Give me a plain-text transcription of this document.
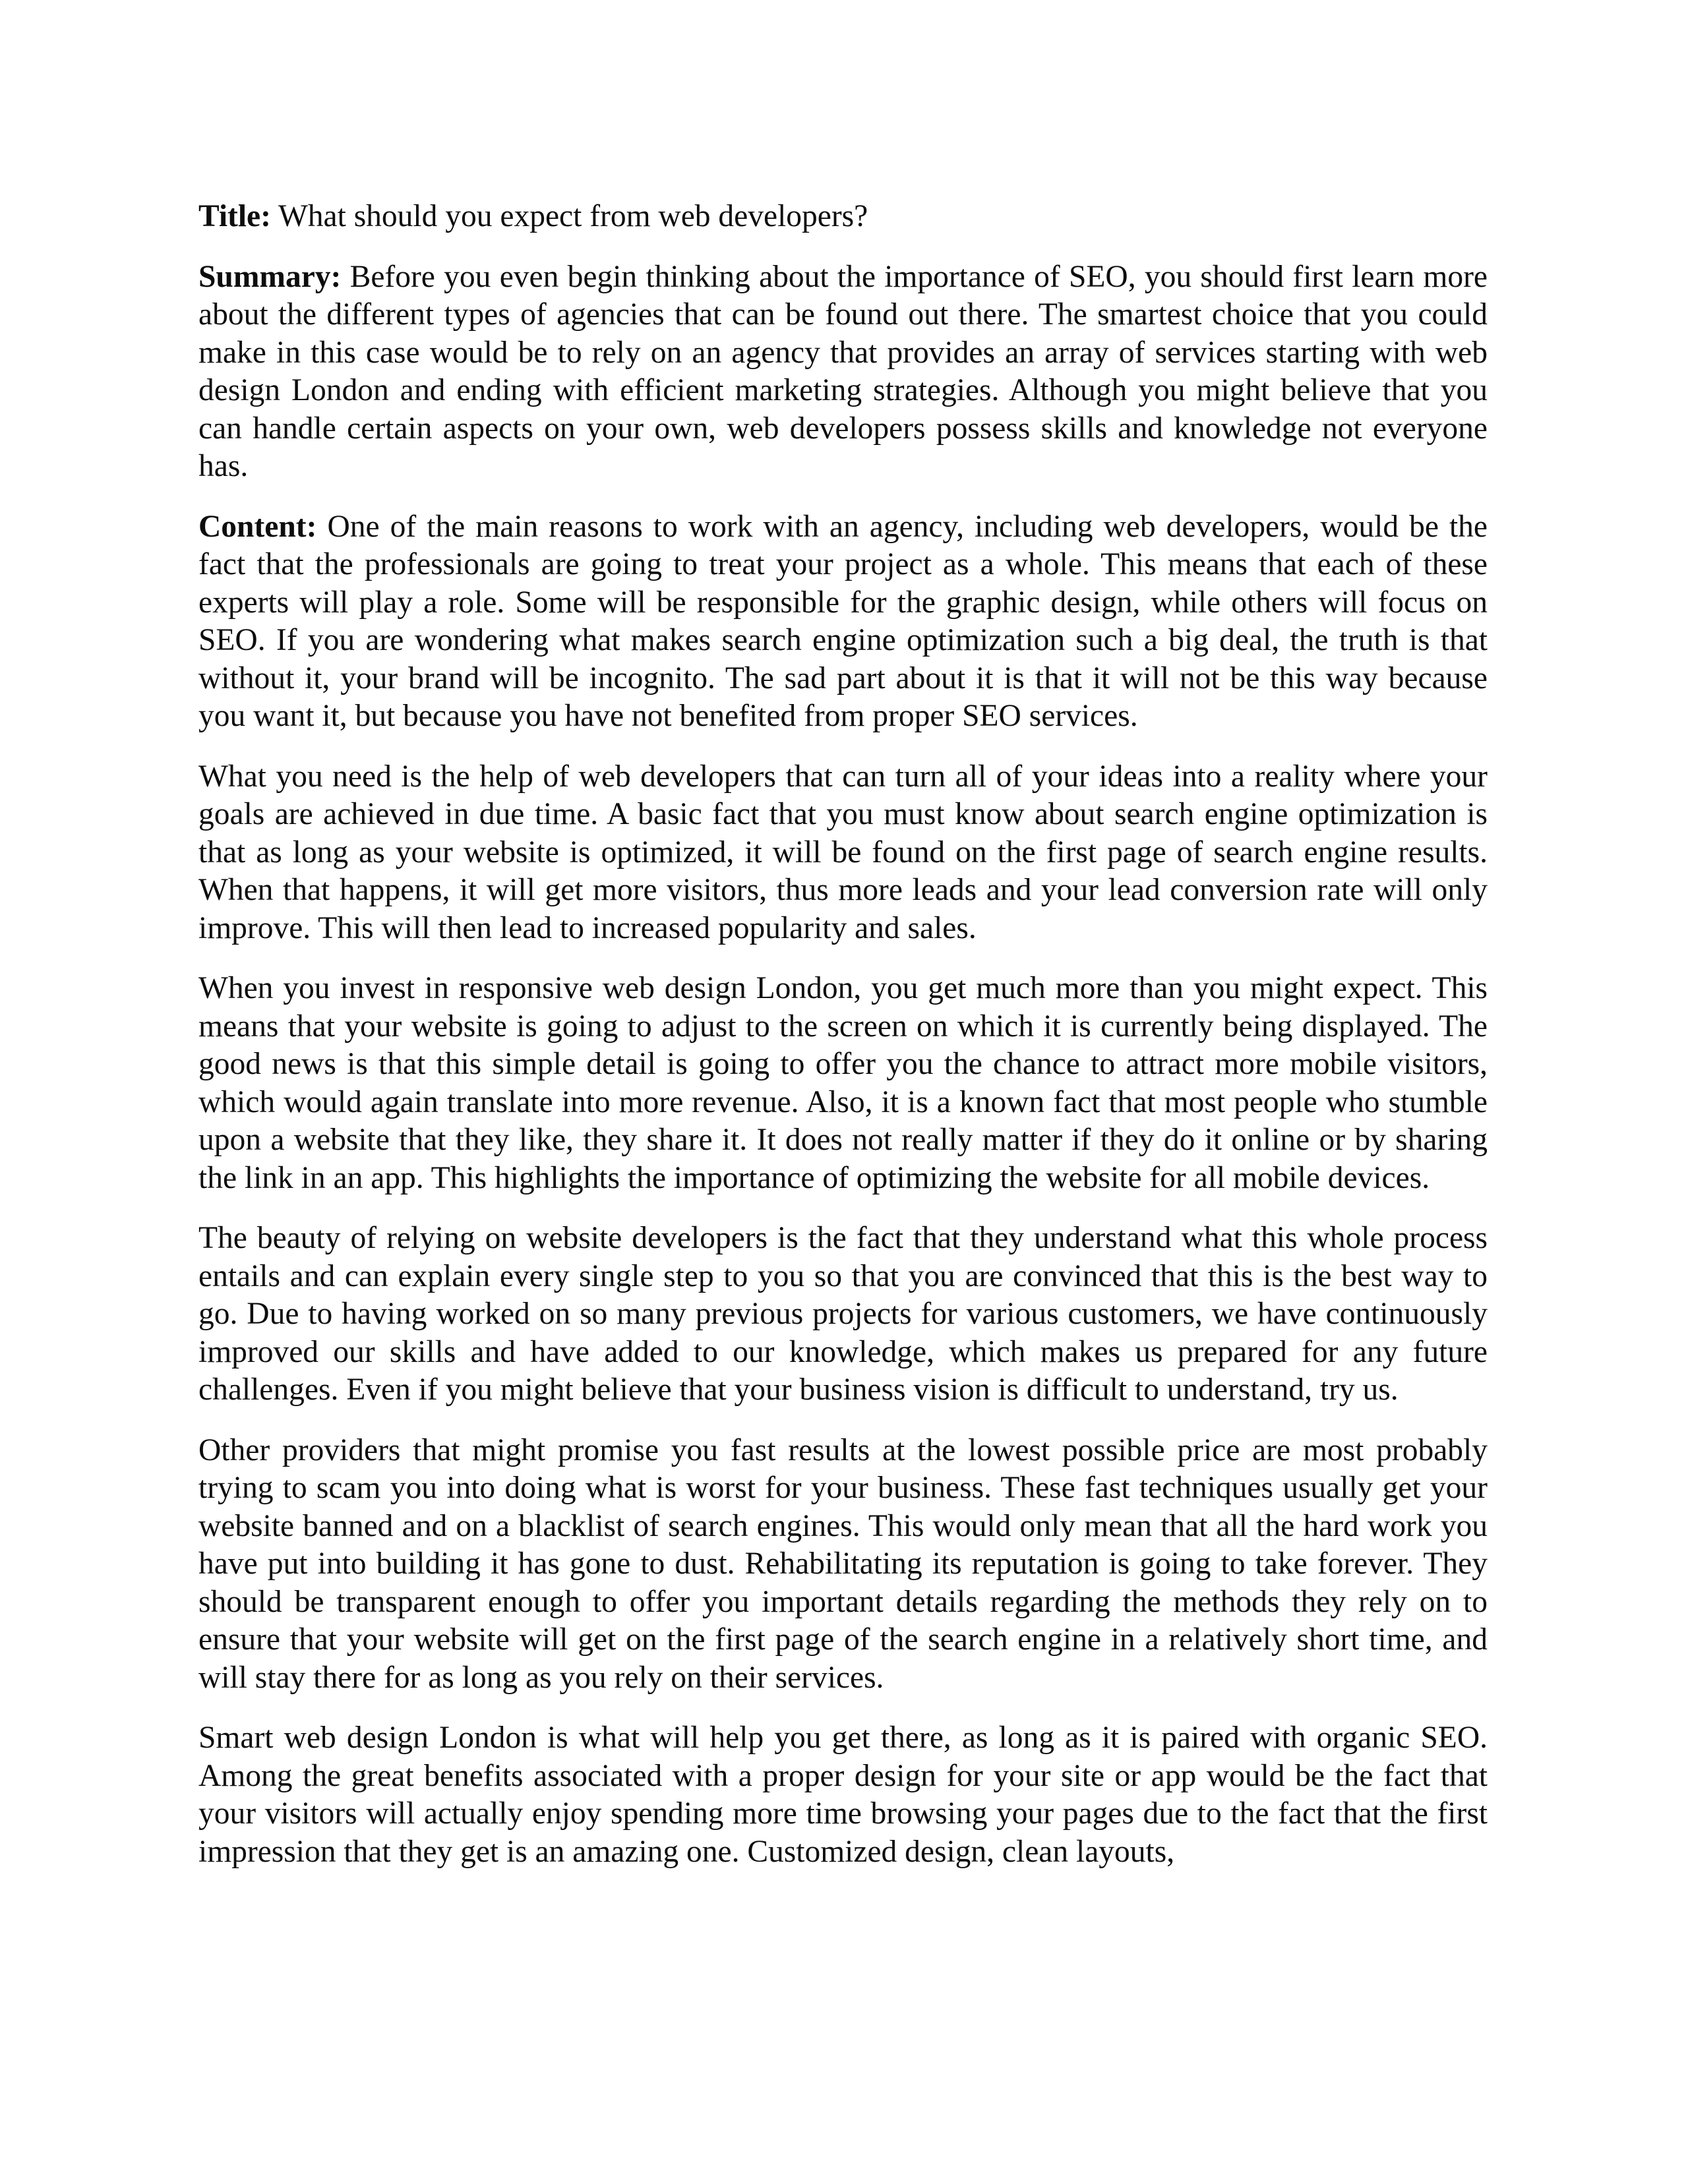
Title: What should you expect from web developers?

Summary: Before you even begin thinking about the importance of SEO, you should first learn more about the different types of agencies that can be found out there. The smartest choice that you could make in this case would be to rely on an agency that provides an array of services starting with web design London and ending with efficient marketing strategies. Although you might believe that you can handle certain aspects on your own, web developers possess skills and knowledge not everyone has.

Content: One of the main reasons to work with an agency, including web developers, would be the fact that the professionals are going to treat your project as a whole. This means that each of these experts will play a role. Some will be responsible for the graphic design, while others will focus on SEO. If you are wondering what makes search engine optimization such a big deal, the truth is that without it, your brand will be incognito. The sad part about it is that it will not be this way because you want it, but because you have not benefited from proper SEO services.

What you need is the help of web developers that can turn all of your ideas into a reality where your goals are achieved in due time. A basic fact that you must know about search engine optimization is that as long as your website is optimized, it will be found on the first page of search engine results. When that happens, it will get more visitors, thus more leads and your lead conversion rate will only improve. This will then lead to increased popularity and sales.

When you invest in responsive web design London, you get much more than you might expect. This means that your website is going to adjust to the screen on which it is currently being displayed. The good news is that this simple detail is going to offer you the chance to attract more mobile visitors, which would again translate into more revenue. Also, it is a known fact that most people who stumble upon a website that they like, they share it. It does not really matter if they do it online or by sharing the link in an app. This highlights the importance of optimizing the website for all mobile devices.

The beauty of relying on website developers is the fact that they understand what this whole process entails and can explain every single step to you so that you are convinced that this is the best way to go. Due to having worked on so many previous projects for various customers, we have continuously improved our skills and have added to our knowledge, which makes us prepared for any future challenges. Even if you might believe that your business vision is difficult to understand, try us.

Other providers that might promise you fast results at the lowest possible price are most probably trying to scam you into doing what is worst for your business. These fast techniques usually get your website banned and on a blacklist of search engines. This would only mean that all the hard work you have put into building it has gone to dust. Rehabilitating its reputation is going to take forever. They should be transparent enough to offer you important details regarding the methods they rely on to ensure that your website will get on the first page of the search engine in a relatively short time, and will stay there for as long as you rely on their services.

Smart web design London is what will help you get there, as long as it is paired with organic SEO. Among the great benefits associated with a proper design for your site or app would be the fact that your visitors will actually enjoy spending more time browsing your pages due to the fact that the first impression that they get is an amazing one. Customized design, clean layouts,
